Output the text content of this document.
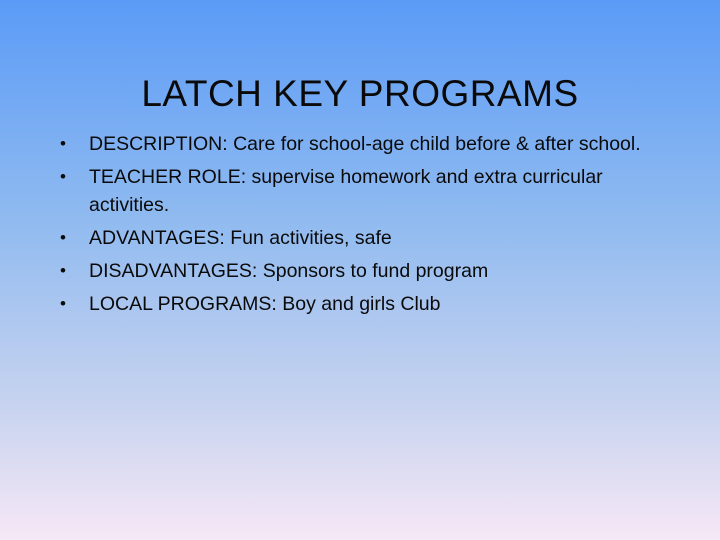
LATCH KEY PROGRAMS
•	DESCRIPTION: Care for school-age child before & after school.
•	TEACHER ROLE: supervise homework and extra curricular activities.
•	ADVANTAGES: Fun activities, safe
•	DISADVANTAGES: Sponsors to fund program
•	LOCAL PROGRAMS: Boy and girls Club
